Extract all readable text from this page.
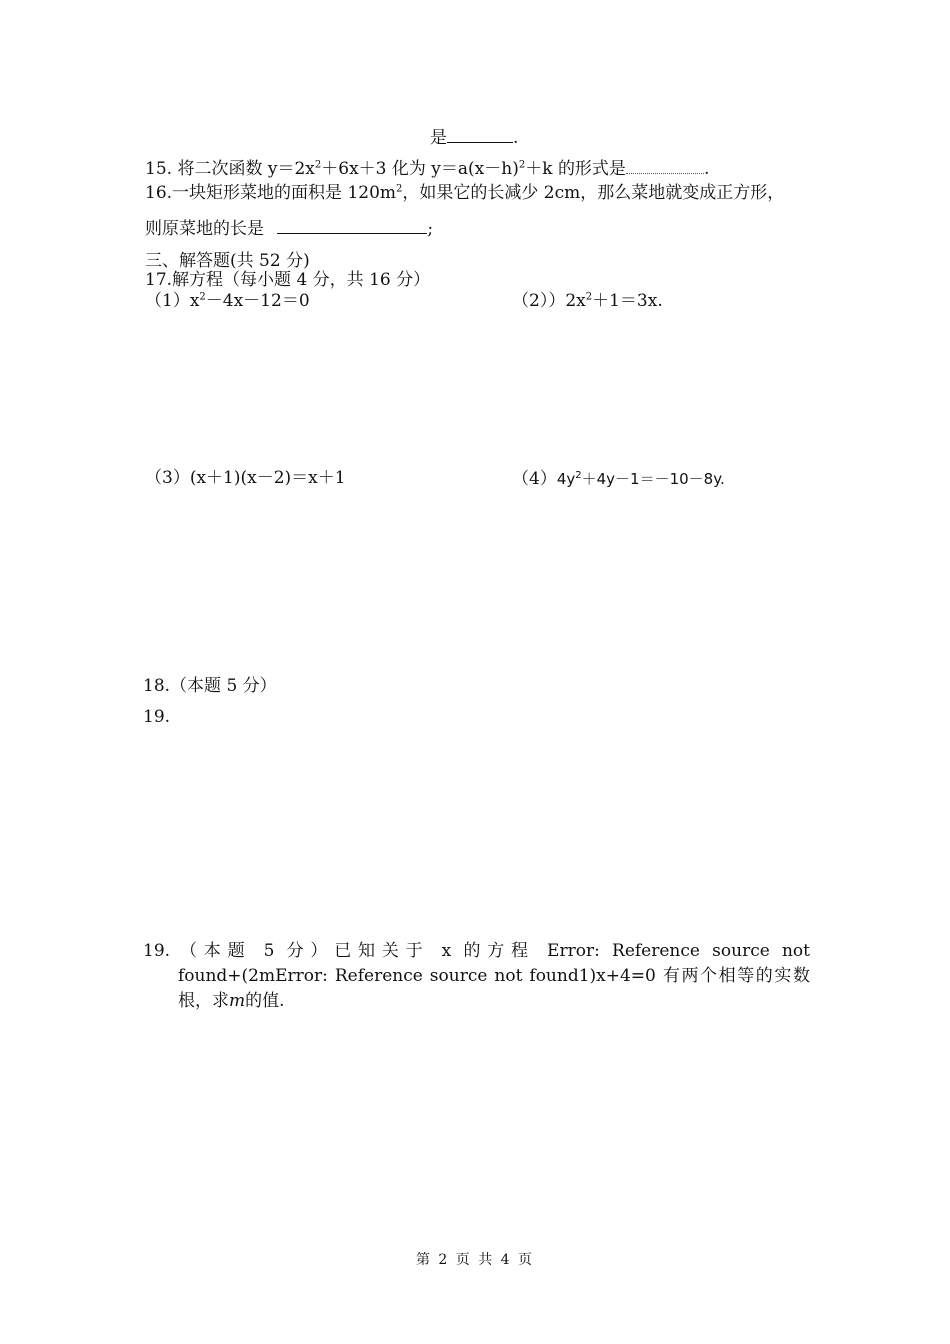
是	.
15. 将二次函数 $y=2x^2+6x+3$ 化为 $y=a(x-h)^2+k$ 的形式是	.
16.一块矩形菜地的面积是 $120m^2$，如果它的长减少 2cm，那么菜地就变成正方形，
则原菜地的长是	;
三、解答题(共 52 分)
17.解方程（每小题 4 分，共 16 分）
$(1)x^2-4x-12=0$	$(2))2x^2+1=3x$.
（3）(x＋1)(x－2)＝x＋1	$(4)4y^2+4y-1=-10-8y$.
18.（本题 5 分）
19.
19. （本题 5 分）已知关于 x 的方程 Error: Reference source not
found+(2mError: Reference source not found1)x+4=0 有两个相等的实数
根，求m的值.
第 2 页 共 4 页
